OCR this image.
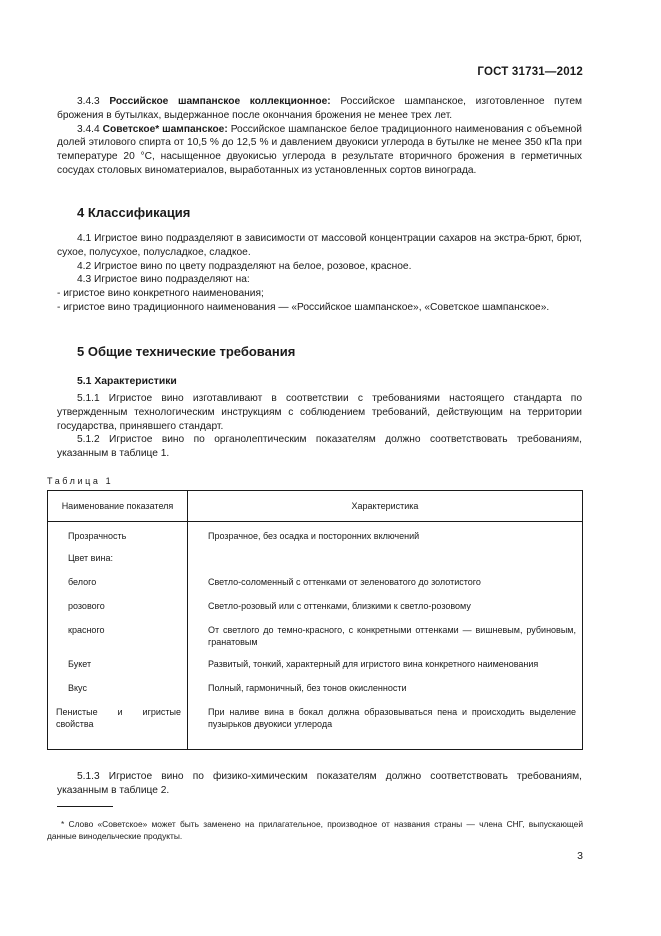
ГОСТ 31731—2012

3.4.3 Российское шампанское коллекционное: Российское шампанское, изготовленное путем брожения в бутылках, выдержанное после окончания брожения не менее трех лет.

3.4.4 Советское* шампанское: Российское шампанское белое традиционного наименования с объемной долей этилового спирта от 10,5 % до 12,5 % и давлением двуокиси углерода в бутылке не менее 350 кПа при температуре 20 °С, насыщенное двуокисью углерода в результате вторичного брожения в герметичных сосудах столовых виноматериалов, выработанных из установленных сортов винограда.

4 Классификация

4.1 Игристое вино подразделяют в зависимости от массовой концентрации сахаров на экстра-брют, брют, сухое, полусухое, полусладкое, сладкое.

4.2 Игристое вино по цвету подразделяют на белое, розовое, красное.

4.3 Игристое вино подразделяют на:

- игристое вино конкретного наименования;

- игристое вино традиционного наименования — «Российское шампанское», «Советское шампанское».

5 Общие технические требования

5.1 Характеристики

5.1.1 Игристое вино изготавливают в соответствии с требованиями настоящего стандарта по утвержденным технологическим инструкциям с соблюдением требований, действующим на территории государства, принявшего стандарт.

5.1.2 Игристое вино по органолептическим показателям должно соответствовать требованиям, указанным в таблице 1.

Таблица 1
Наименование показателя	Характеристика
Прозрачность	Прозрачное, без осадка и посторонних включений
Цвет вина:	
белого	Светло-соломенный с оттенками от зеленоватого до золотистого
розового	Светло-розовый или с оттенками, близкими к светло-розовому
красного	От светлого до темно-красного, с конкретными оттенками — вишневым, рубиновым, гранатовым
Букет	Развитый, тонкий, характерный для игристого вина конкретного наименования
Вкус	Полный, гармоничный, без тонов окисленности
Пенистые и игристые свойства	При наливе вина в бокал должна образовываться пена и происходить выделение пузырьков двуокиси углерода

5.1.3 Игристое вино по физико-химическим показателям должно соответствовать требованиям, указанным в таблице 2.

* Слово «Советское» может быть заменено на прилагательное, производное от названия страны — члена СНГ, выпускающей данные винодельческие продукты.

3
